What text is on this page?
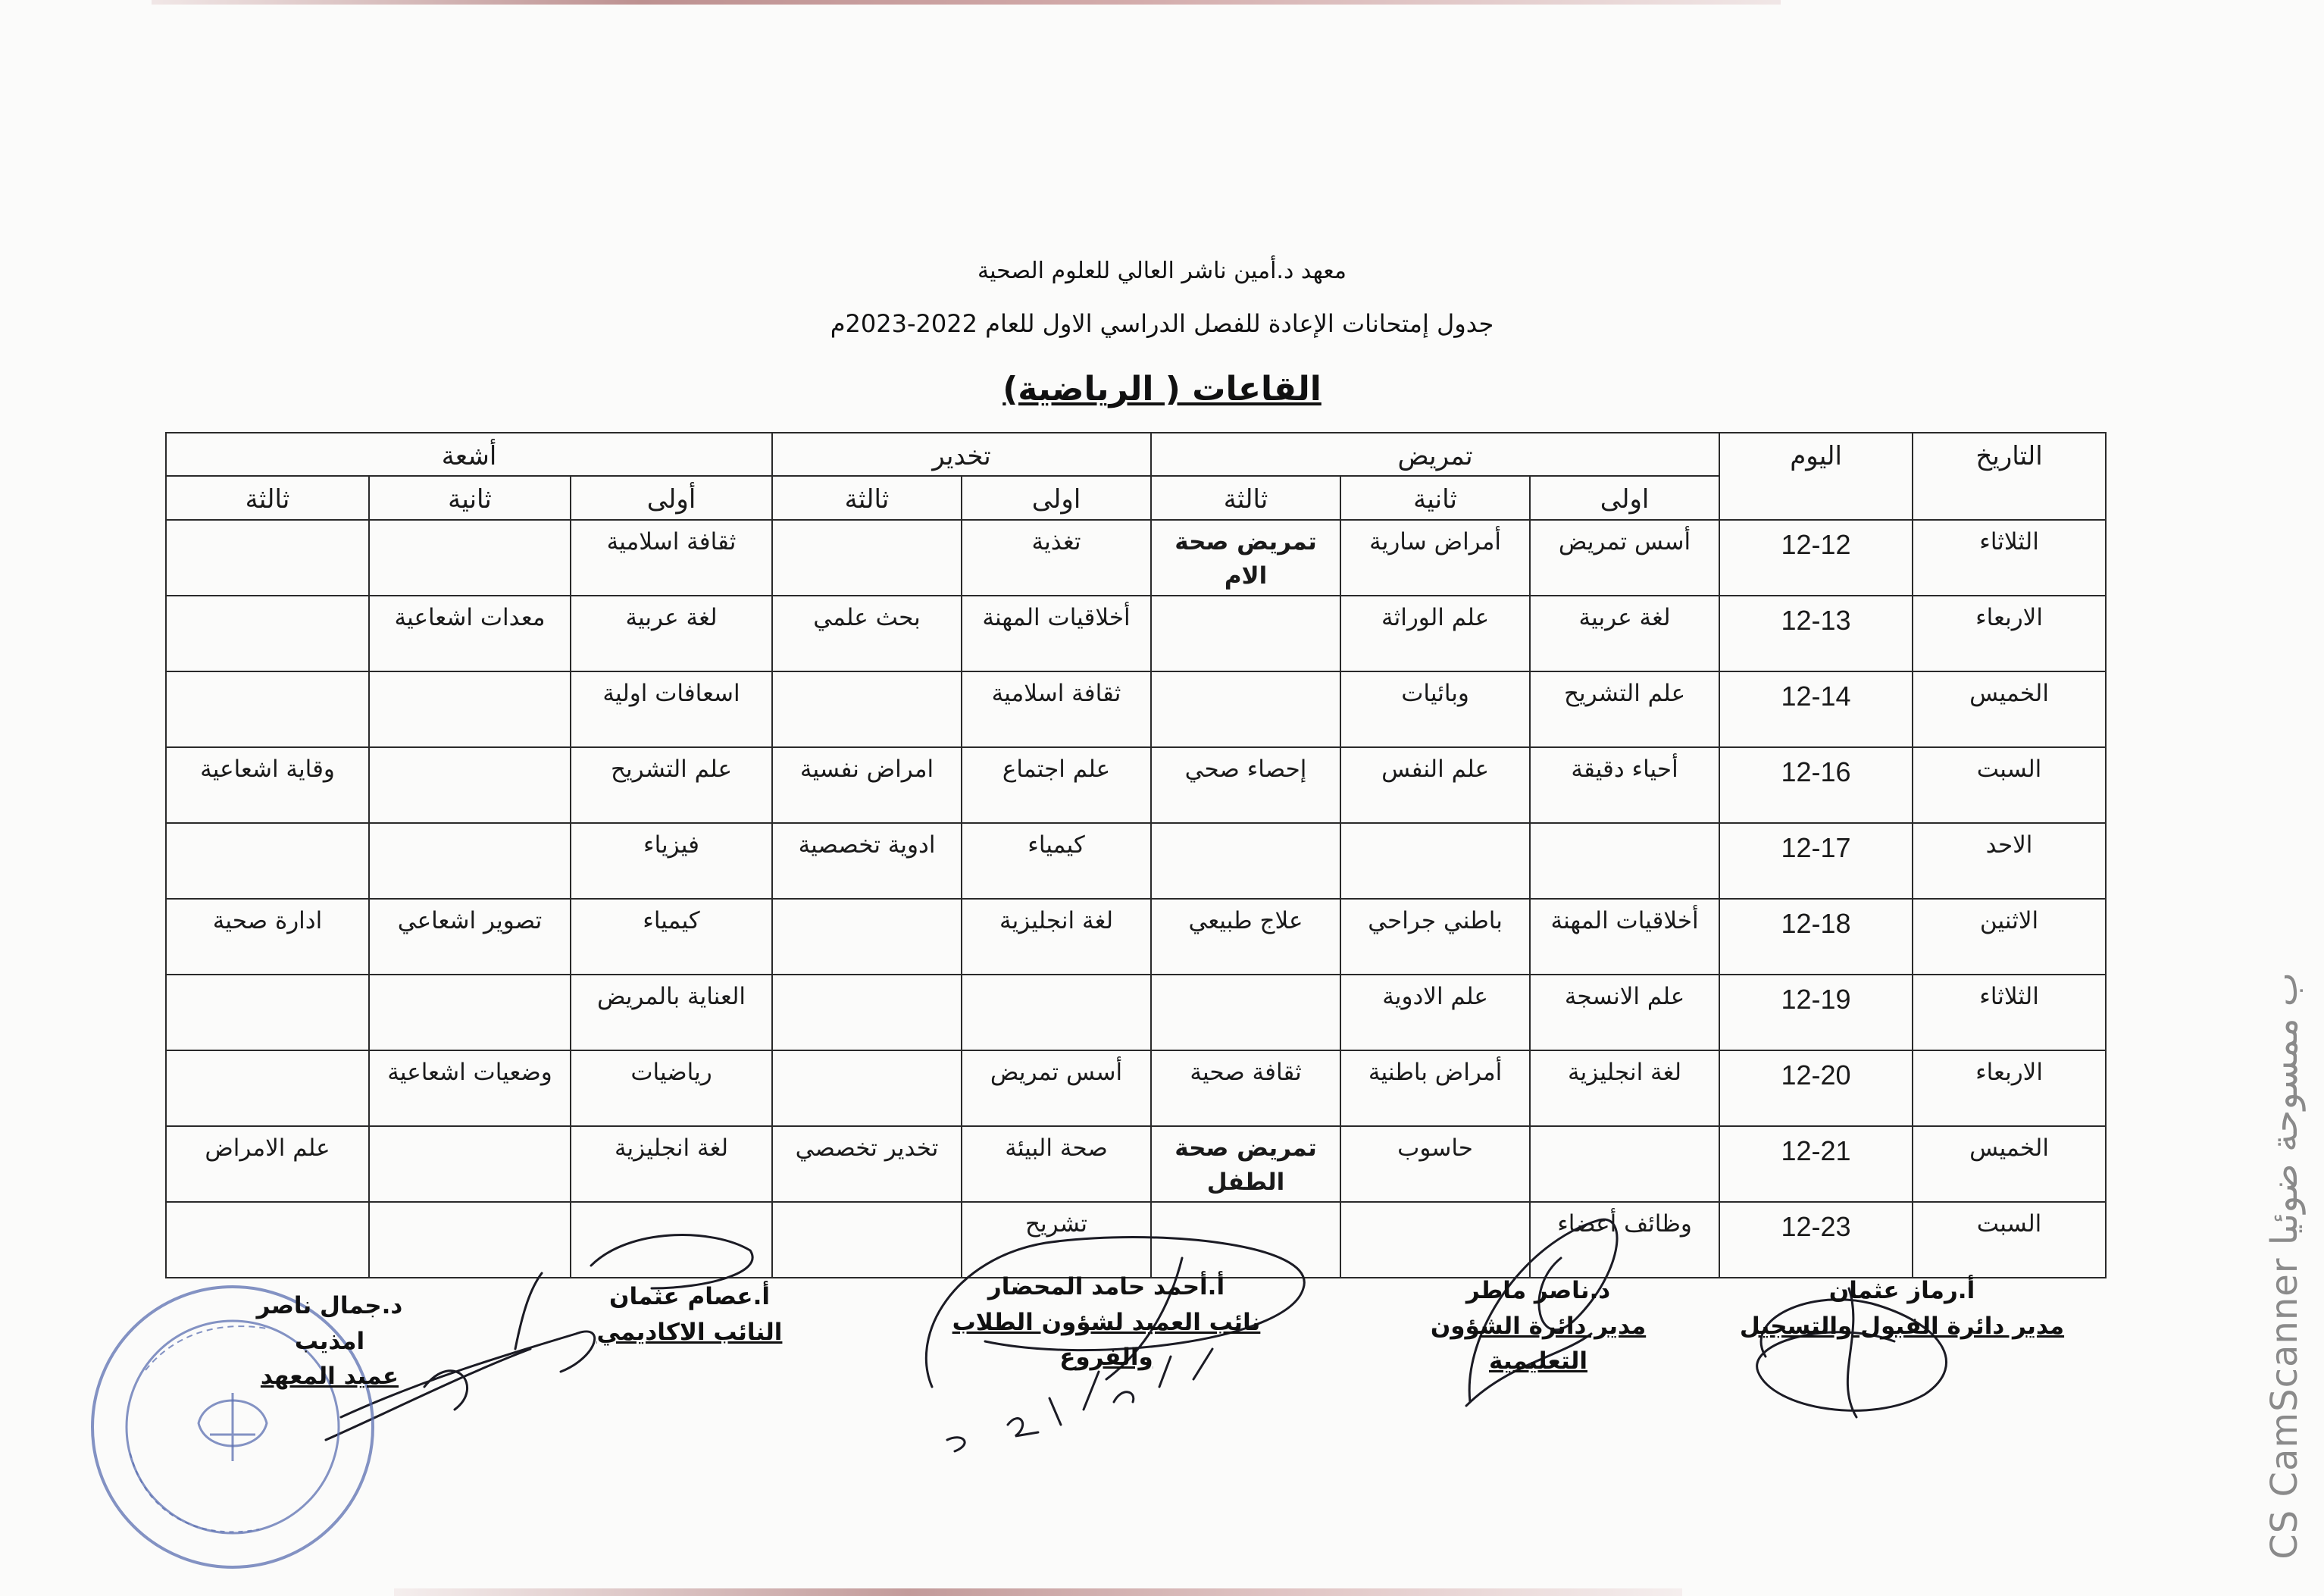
معهد د.أمين ناشر العالي للعلوم الصحية
جدول إمتحانات الإعادة للفصل الدراسي الاول للعام 2022-2023م
القاعات ( الرياضية)
التاريخ	اليوم	تمريض			تخدير		أشعة		
		اولى	ثانية	ثالثة	اولى	ثالثة	أولى	ثانية	ثالثة
الثلاثاء	12-12	أسس تمريض	أمراض سارية	تمريض صحة الام	تغذية		ثقافة اسلامية		
الاربعاء	12-13	لغة عربية	علم الوراثة		أخلاقيات المهنة	بحث علمي	لغة عربية	معدات اشعاعية	
الخميس	12-14	علم التشريح	وبائيات		ثقافة اسلامية		اسعافات اولية		
السبت	12-16	أحياء دقيقة	علم النفس	إحصاء صحي	علم اجتماع	امراض نفسية	علم التشريح		وقاية اشعاعية
الاحد	12-17				كيمياء	ادوية تخصصية	فيزياء		
الاثنين	12-18	أخلاقيات المهنة	باطني جراحي	علاج طبيعي	لغة انجليزية		كيمياء	تصوير اشعاعي	ادارة صحية
الثلاثاء	12-19	علم الانسجة	علم الادوية				العناية بالمريض		
الاربعاء	12-20	لغة انجليزية	أمراض باطنية	ثقافة صحية	أسس تمريض		رياضيات	وضعيات اشعاعية	
الخميس	12-21		حاسوب	تمريض صحة الطفل	صحة البيئة	تخدير تخصصي	لغة انجليزية		علم الامراض
السبت	12-23	وظائف أعضاء			تشريح				
أ.رماز عثمان
مدير دائرة القبول والتسجيل
د.ناصر ماطر
مدير دائرة الشؤون التعليمية
أ.أحمد حامد المحضار
نائب العميد لشؤون الطلاب والفروع
أ.عصام عثمان
النائب الاكاديمي
د.جمال ناصر امذيب
عميد المعهد	CS CamScanner ب ممسوحة ضوئيا
